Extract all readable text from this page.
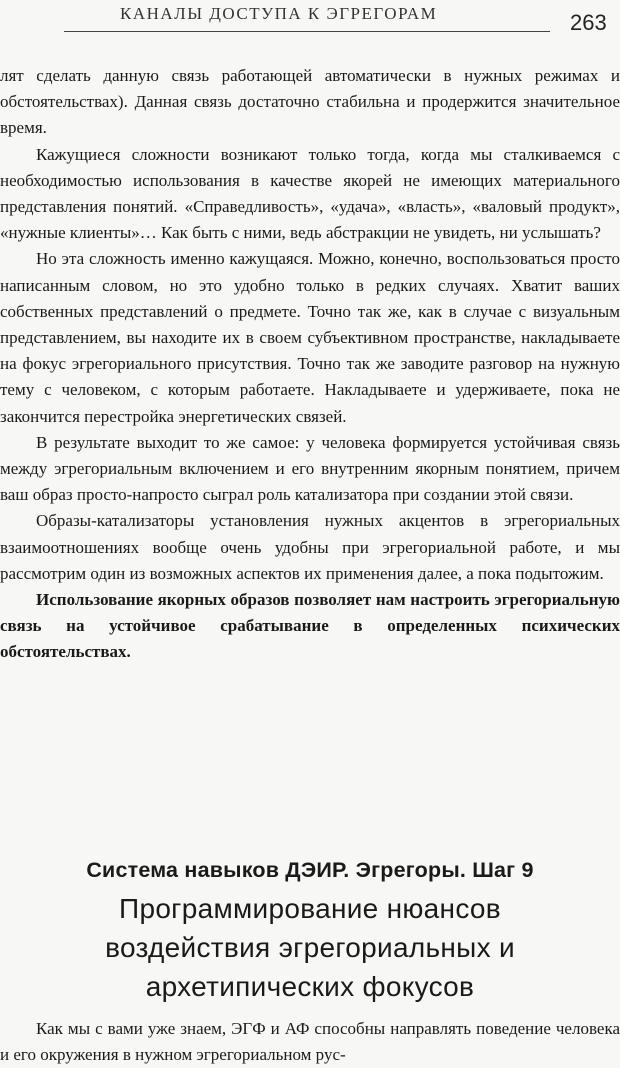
КАНАЛЫ ДОСТУПА К ЭГРЕГОРАМ	263

лят сделать данную связь работающей автоматически в нужных режимах и обстоятельствах). Данная связь достаточно стабильна и продержится значительное время.

Кажущиеся сложности возникают только тогда, когда мы сталкиваемся с необходимостью использования в качестве якорей не имеющих материального представления понятий. «Справедливость», «удача», «власть», «валовый продукт», «нужные клиенты»… Как быть с ними, ведь абстракции не увидеть, ни услышать?

Но эта сложность именно кажущаяся. Можно, конечно, воспользоваться просто написанным словом, но это удобно только в редких случаях. Хватит ваших собственных представлений о предмете. Точно так же, как в случае с визуальным представлением, вы находите их в своем субъективном пространстве, накладываете на фокус эгрегориального присутствия. Точно так же заводите разговор на нужную тему с человеком, с которым работаете. Накладываете и удерживаете, пока не закончится перестройка энергетических связей.

В результате выходит то же самое: у человека формируется устойчивая связь между эгрегориальным включением и его внутренним якорным понятием, причем ваш образ просто-напросто сыграл роль катализатора при создании этой связи.

Образы-катализаторы установления нужных акцентов в эгрегориальных взаимоотношениях вообще очень удобны при эгрегориальной работе, и мы рассмотрим один из возможных аспектов их применения далее, а пока подытожим.

Использование якорных образов позволяет нам настроить эгрегориальную связь на устойчивое срабатывание в определенных психических обстоятельствах.

Система навыков ДЭИР. Эгрегоры. Шаг 9
Программирование нюансов
воздействия эгрегориальных и
архетипических фокусов

Как мы с вами уже знаем, ЭГФ и АФ способны направлять поведение человека и его окружения в нужном эгрегориальном рус-
